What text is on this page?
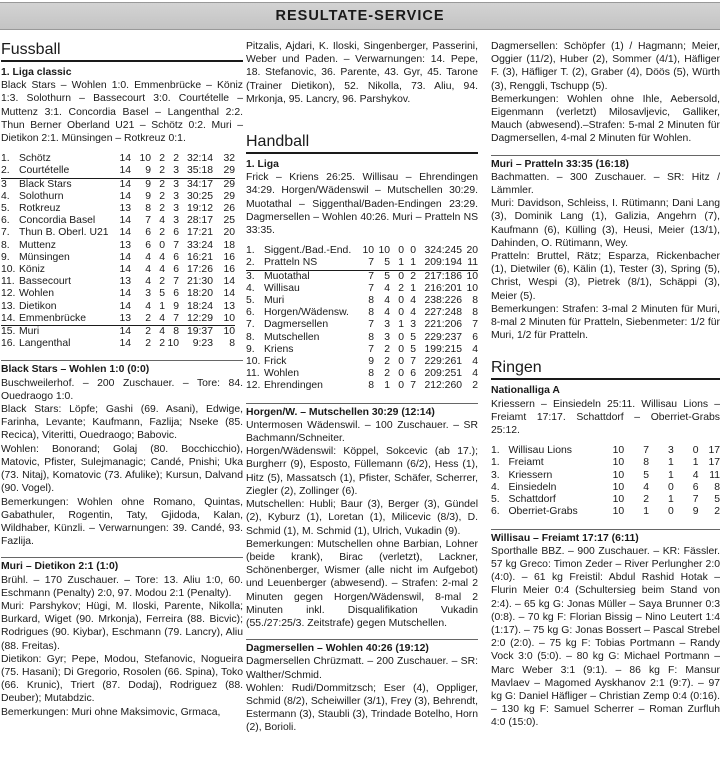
RESULTATE-SERVICE
Fussball
1. Liga classic

Black Stars – Wohlen 1:0. Emmenbrücke – Köniz 1:3. Solothurn – Bassecourt 3:0. Courtételle – Muttenz 3:1. Concordia Basel – Langenthal 2:2. Thun Berner Oberland U21 – Schötz 0:2. Muri – Dietikon 2:1. Münsingen – Rotkreuz 0:1.

1.	Schötz	14	10	2	2	32:14	32
2.	Courtételle	14	9	2	3	35:18	29
3	Black Stars	14	9	2	3	34:17	29
4.	Solothurn	14	9	2	3	30:25	29
5.	Rotkreuz	13	8	2	3	19:12	26
6.	Concordia Basel	14	7	4	3	28:17	25
7.	Thun B. Oberl. U21	14	6	2	6	17:21	20
8.	Muttenz	13	6	0	7	33:24	18
9.	Münsingen	14	4	4	6	16:21	16
10.	Köniz	14	4	4	6	17:26	16
11.	Bassecourt	13	4	2	7	21:30	14
12.	Wohlen	14	3	5	6	18:20	14
13.	Dietikon	14	4	1	9	18:24	13
14.	Emmenbrücke	13	2	4	7	12:29	10
15.	Muri	14	2	4	8	19:37	10
16.	Langenthal	14	2	2	10	9:23	8
Black Stars – Wohlen 1:0 (0:0)

Buschweilerhof. – 200 Zuschauer. – Tore: 84. Ouedraogo 1:0.

Black Stars: Löpfe; Gashi (69. Asani), Edwige, Farinha, Levante; Kaufmann, Fazlija; Nseke (85. Recica), Viteritti, Ouedraogo; Babovic.

Wohlen: Bonorand; Golaj (80. Bocchicchio), Matovic, Pfister, Sulejmanagic; Candé, Pnishi; Uka (73. Nitaj), Komatovic (73. Afulike); Kursun, Dalvand (90. Vogel).

Bemerkungen: Wohlen ohne Romano, Quintas, Gabathuler, Rogentin, Taty, Gjidoda, Kalan, Wildhaber, Künzli. – Verwarnungen: 39. Candé, 93. Fazlija.

Muri – Dietikon 2:1 (1:0)

Brühl. – 170 Zuschauer. – Tore: 13. Aliu 1:0, 60. Eschmann (Penalty) 2:0, 97. Modou 2:1 (Penalty).

Muri: Parshykov; Hügi, M. Iloski, Parente, Nikolla; Burkard, Wiget (90. Mrkonja), Ferreira (88. Bicvic); Rodrigues (90. Kiybar), Eschmann (79. Lancry), Aliu (88. Freitas).

Dietikon: Gyr; Pepe, Modou, Stefanovic, Nogueira (75. Hasani); Di Gregorio, Rosolen (66. Spina), Toko (66. Krunic), Triert (87. Dodaj), Rodriguez (88. Deuber); Mutabdzic.

Bemerkungen: Muri ohne Maksimovic, Grmaca,

Pitzalis, Ajdari, K. Iloski, Singenberger, Passerini, Weber und Paden. – Verwarnungen: 14. Pepe, 18. Stefanovic, 36. Parente, 43. Gyr, 45. Tarone (Trainer Dietikon), 52. Nikolla, 73. Aliu, 94. Mrkonja, 95. Lancry, 96. Parshykov.

Handball
1. Liga

Frick – Kriens 26:25. Willisau – Ehrendingen 34:29. Horgen/Wädenswil – Mutschellen 30:29. Muotathal – Siggenthal/Baden-Endingen 23:29. Dagmersellen – Wohlen 40:26. Muri – Pratteln NS 33:35.

1.	Siggent./Bad.-End.	10	10	0	0	324:245	20
2.	Pratteln NS	7	5	1	1	209:194	11
3.	Muotathal	7	5	0	2	217:186	10
4.	Willisau	7	4	2	1	216:201	10
5.	Muri	8	4	0	4	238:226	8
6.	Horgen/Wädensw.	8	4	0	4	227:248	8
7.	Dagmersellen	7	3	1	3	221:206	7
8.	Mutschellen	8	3	0	5	229:237	6
9.	Kriens	7	2	0	5	199:215	4
10.	Frick	9	2	0	7	229:261	4
11.	Wohlen	8	2	0	6	209:251	4
12.	Ehrendingen	8	1	0	7	212:260	2
Horgen/W. – Mutschellen 30:29 (12:14)

Untermosen Wädenswil. – 100 Zuschauer. – SR Bachmann/Schneiter.

Horgen/Wädenswil: Köppel, Sokcevic (ab 17.); Burgherr (9), Esposto, Füllemann (6/2), Hess (1), Hitz (5), Massatsch (1), Pfister, Schäfer, Scherrer, Ziegler (2), Zollinger (6).

Mutschellen: Hubli; Baur (3), Berger (3), Gündel (2), Kyburz (1), Loretan (1), Milicevic (8/3), D. Schmid (1), M. Schmid (1), Ulrich, Vukadin (9).

Bemerkungen: Mutschellen ohne Barbian, Lohner (beide krank), Birac (verletzt), Lackner, Schönenberger, Wismer (alle nicht im Aufgebot) und Leuenberger (abwesend). – Strafen: 2-mal 2 Minuten gegen Horgen/Wädenswil, 8-mal 2 Minuten inkl. Disqualifikation Vukadin (55./27:25/3. Zeitstrafe) gegen Mutschellen.

Dagmersellen – Wohlen 40:26 (19:12)

Dagmersellen Chrüzmatt. – 200 Zuschauer. – SR: Walther/Schmid.

Wohlen: Rudi/Dommitzsch; Eser (4), Oppliger, Schmid (8/2), Scheiwiller (3/1), Frey (3), Behrendt, Estermann (3), Staubli (3), Trindade Botelho, Horn (2), Borioli.

Dagmersellen: Schöpfer (1) / Hagmann; Meier, Oggier (11/2), Huber (2), Sommer (4/1), Häfliger F. (3), Häfliger T. (2), Graber (4), Döös (5), Würth (3), Renggli, Tschupp (5).

Bemerkungen: Wohlen ohne Ihle, Aebersold, Eigenmann (verletzt) Milosavljevic, Galliker, Mauch (abwesend).–Strafen: 5-mal 2 Minuten für Dagmersellen, 4-mal 2 Minuten für Wohlen.

Muri – Pratteln 33:35 (16:18)

Bachmatten. – 300 Zuschauer. – SR: Hitz / Lämmler.

Muri: Davidson, Schleiss, I. Rütimann; Dani Lang (3), Dominik Lang (1), Galizia, Angehrn (7), Kaufmann (6), Külling (3), Heusi, Meier (13/1), Dahinden, O. Rütimann, Wey.

Pratteln: Bruttel, Rätz; Esparza, Rickenbacher (1), Dietwiler (6), Kälin (1), Tester (3), Spring (5), Christ, Wespi (3), Pietrek (8/1), Schäppi (3), Meier (5).

Bemerkungen: Strafen: 3-mal 2 Minuten für Muri, 8-mal 2 Minuten für Pratteln, Siebenmeter: 1/2 für Muri, 1/2 für Pratteln.

Ringen
Nationalliga A

Kriessern – Einsiedeln 25:11. Willisau Lions – Freiamt 17:17. Schattdorf – Oberriet-Grabs 25:12.

1.	Willisau Lions	10	7	3	0	17
1.	Freiamt	10	8	1	1	17
3.	Kriessern	10	5	1	4	11
4.	Einsiedeln	10	4	0	6	8
5.	Schattdorf	10	2	1	7	5
6.	Oberriet-Grabs	10	1	0	9	2
Willisau – Freiamt 17:17 (6:11)

Sporthalle BBZ. – 900 Zuschauer. – KR: Fässler. 57 kg Greco: Timon Zeder – River Perlungher 2:0 (4:0). – 61 kg Freistil: Abdul Rashid Hotak – Flurin Meier 0:4 (Schultersieg beim Stand von 2:4). – 65 kg G: Jonas Müller – Saya Brunner 0:3 (0:8). – 70 kg F: Florian Bissig – Nino Leutert 1:4 (1:17). – 75 kg G: Jonas Bossert – Pascal Strebel 2:0 (2:0). – 75 kg F: Tobias Portmann – Randy Vock 3:0 (5:0). – 80 kg G: Michael Portmann – Marc Weber 3:1 (9:1). – 86 kg F: Mansur Mavlaev – Magomed Ayskhanov 2:1 (9:7). – 97 kg G: Daniel Häfliger – Christian Zemp 0:4 (0:16). – 130 kg F: Samuel Scherrer – Roman Zurfluh 4:0 (15:0).
